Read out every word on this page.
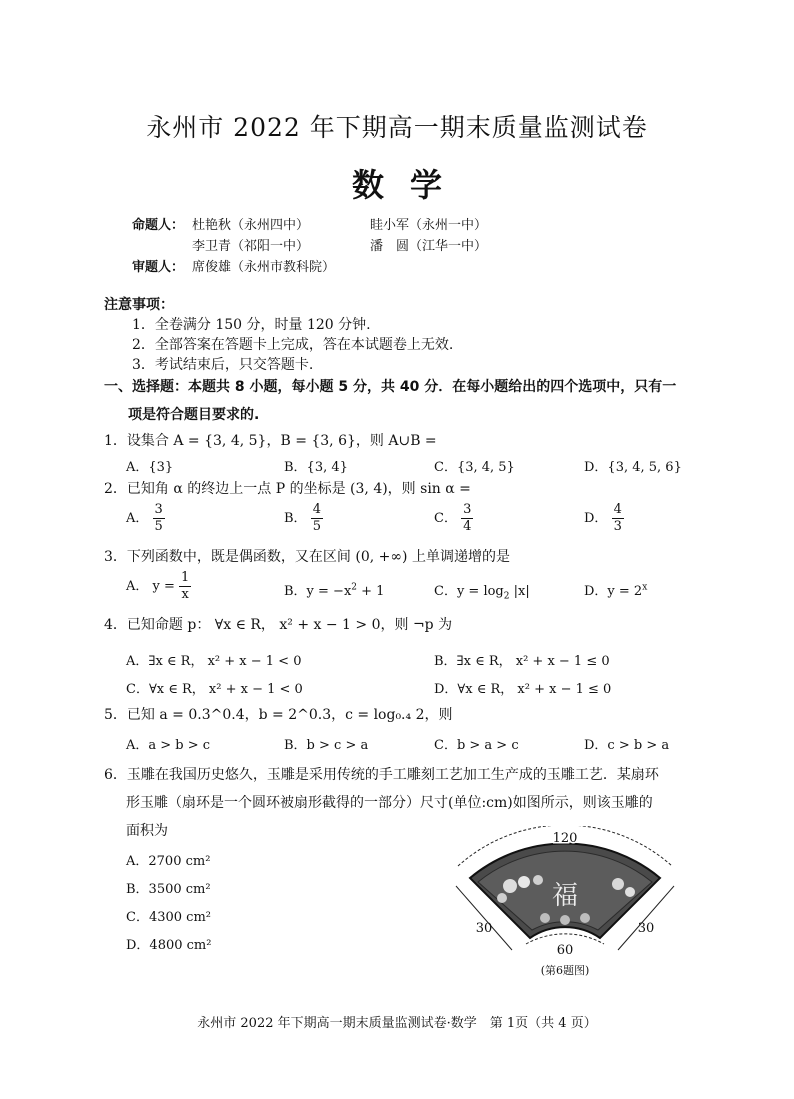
永州市 2022 年下期高一期末质量监测试卷
数学
命题人： 杜艳秋（永州四中）	眭小军（永州一中）
李卫青（祁阳一中）	潘　圆（江华一中）
审题人： 席俊雄（永州市教科院）
注意事项：
1．全卷满分 150 分，时量 120 分钟.
2．全部答案在答题卡上完成，答在本试题卷上无效.
3．考试结束后，只交答题卡.
一、选择题：本题共 8 小题，每小题 5 分，共 40 分．在每小题给出的四个选项中，只有一
项是符合题目要求的.
1．设集合 A = {3, 4, 5}，B = {3, 6}，则 A∪B =
A．{3}	B．{3, 4}	C．{3, 4, 5}	D．{3, 4, 5, 6}
2．已知角 α 的终边上一点 P 的坐标是 (3, 4)，则 sin α =
A． $\frac{3}{5}$	B． $\frac{4}{5}$	C． $\frac{3}{4}$	D． $\frac{4}{3}$
3．下列函数中，既是偶函数，又在区间 (0, +∞) 上单调递增的是
A． $y = \frac{1}{x}$	B．$y = -x^2 + 1$	C．$y = \log_2 |x|$	D．$y = 2^x$
4．已知命题 p： ∀x ∈ R， x² + x − 1 > 0，则 ¬p 为
A．∃x ∈ R， x² + x − 1 < 0	B．∃x ∈ R， x² + x − 1 ≤ 0
C．∀x ∈ R， x² + x − 1 < 0	D．∀x ∈ R， x² + x − 1 ≤ 0
5．已知 a = 0.3^0.4，b = 2^0.3，c = log₀.₄ 2，则
A．a > b > c	B．b > c > a	C．b > a > c	D．c > b > a
6．玉雕在我国历史悠久，玉雕是采用传统的手工雕刻工艺加工生产成的玉雕工艺．某扇环
形玉雕（扇环是一个圆环被扇形截得的一部分）尺寸(单位:cm)如图所示，则该玉雕的
面积为
A．2700 cm²
B．3500 cm²
C．4300 cm²
D．4800 cm²
福
120
60
30	30
(第6题图)
永州市 2022 年下期高一期末质量监测试卷·数学　第 1页（共 4 页）
